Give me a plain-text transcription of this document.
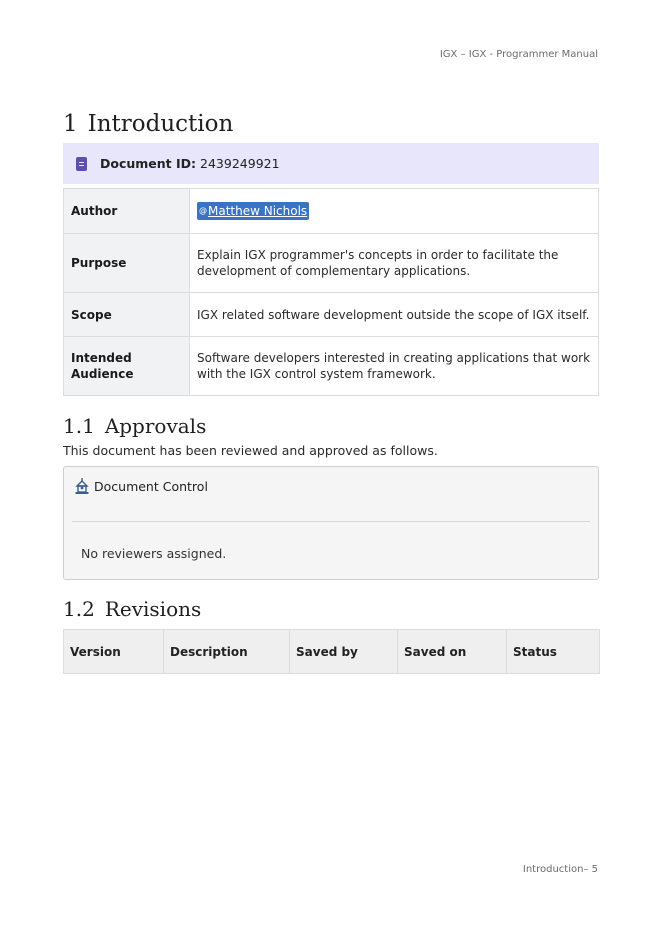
IGX – IGX - Programmer Manual
1 Introduction
Document ID: 2439249921
Author	@Matthew Nichols
Purpose	Explain IGX programmer's concepts in order to facilitate the development of complementary applications.
Scope	IGX related software development outside the scope of IGX itself.
Intended Audience	Software developers interested in creating applications that work with the IGX control system framework.
1.1 Approvals

This document has been reviewed and approved as follows.

Document Control
No reviewers assigned.
1.2 Revisions
Version	Description	Saved by	Saved on	Status
Introduction– 5
